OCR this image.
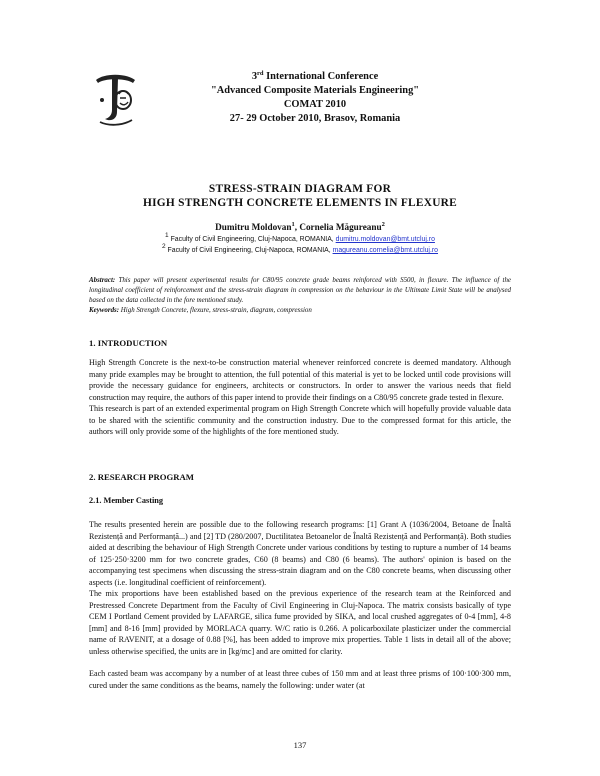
3rd International Conference
"Advanced Composite Materials Engineering"
COMAT 2010
27- 29 October 2010, Brasov, Romania
STRESS-STRAIN DIAGRAM FOR
HIGH STRENGTH CONCRETE ELEMENTS IN FLEXURE
Dumitru Moldovan$^1$, Cornelia Măgureanu$^2$
$^1$ Faculty of Civil Engineering, Cluj-Napoca, ROMANIA, dumitru.moldovan@bmt.utcluj.ro
$^2$ Faculty of Civil Engineering, Cluj-Napoca, ROMANIA, magureanu.cornelia@bmt.utcluj.ro
Abstract: This paper will present experimental results for C80/95 concrete grade beams reinforced with S500, in flexure. The influence of the longitudinal coefficient of reinforcement and the stress-strain diagram in compression on the behaviour in the Ultimate Limit State will be analysed based on the data collected in the fore mentioned study.
Keywords: High Strength Concrete, flexure, stress-strain, diagram, compression
1. INTRODUCTION
High Strength Concrete is the next-to-be construction material whenever reinforced concrete is deemed mandatory. Although many pride examples may be brought to attention, the full potential of this material is yet to be locked until code provisions will provide the necessary guidance for engineers, architects or constructors. In order to answer the various needs that field construction may require, the authors of this paper intend to provide their findings on a C80/95 concrete grade tested in flexure.
This research is part of an extended experimental program on High Strength Concrete which will hopefully provide valuable data to be shared with the scientific community and the construction industry. Due to the compressed format for this article, the authors will only provide some of the highlights of the fore mentioned study.
2. RESEARCH PROGRAM
2.1. Member Casting
The results presented herein are possible due to the following research programs: [1] Grant A (1036/2004, Betoane de Înaltă Rezistență and Performanță...) and [2] TD (280/2007, Ductilitatea Betoanelor de Înaltă Rezistență and Performanță). Both studies aided at describing the behaviour of High Strength Concrete under various conditions by testing to rupture a number of 14 beams of 125·250·3200 mm for two concrete grades, C60 (8 beams) and C80 (6 beams). The authors' opinion is based on the accompanying test specimens when discussing the stress-strain diagram and on the C80 concrete beams, when discussing other aspects (i.e. longitudinal coefficient of reinforcement).
The mix proportions have been established based on the previous experience of the research team at the Reinforced and Prestressed Concrete Department from the Faculty of Civil Engineering in Cluj-Napoca. The matrix consists basically of type CEM I Portland Cement provided by LAFARGE, silica fume provided by SIKA, and local crushed aggregates of 0-4 [mm], 4-8 [mm] and 8-16 [mm] provided by MORLACA quarry. W/C ratio is 0.266. A policarboxilate plasticizer under the commercial name of RAVENIT, at a dosage of 0.88 [%], has been added to improve mix properties. Table 1 lists in detail all of the above; unless otherwise specified, the units are in [kg/mc] and are omitted for clarity.
Each casted beam was accompany by a number of at least three cubes of 150 mm and at least three prisms of 100·100·300 mm, cured under the same conditions as the beams, namely the following: under water (at
137
